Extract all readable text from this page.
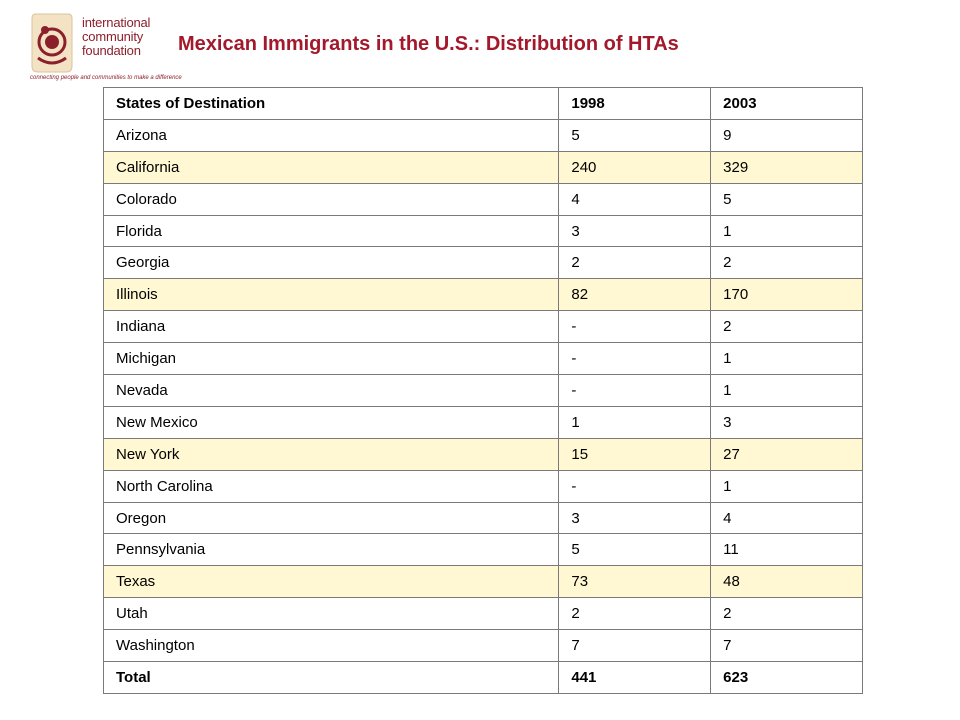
international
community
foundation
connecting people and communities to make a difference
Mexican Immigrants in the U.S.: Distribution of HTAs
States of Destination	1998	2003
Arizona	5	9
California	240	329
Colorado	4	5
Florida	3	1
Georgia	2	2
Illinois	82	170
Indiana	-	2
Michigan	-	1
Nevada	-	1
New Mexico	1	3
New York	15	27
North Carolina	-	1
Oregon	3	4
Pennsylvania	5	11
Texas	73	48
Utah	2	2
Washington	7	7
Total	441	623
